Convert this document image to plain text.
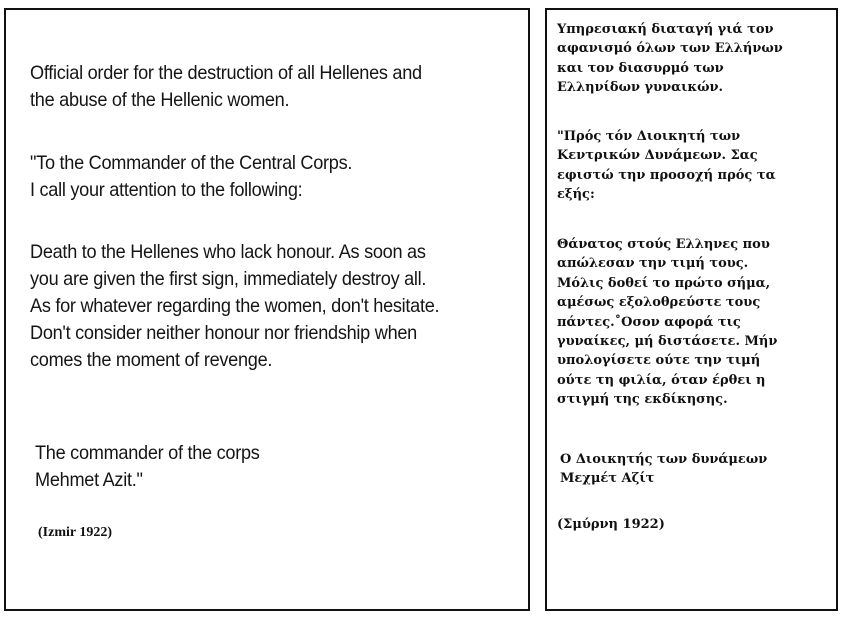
Official order for the destruction of all Hellenes and
the abuse of the Hellenic women.
"To the Commander of the Central Corps.
I call your attention to the following:
Death to the Hellenes who lack honour. As soon as
you are given the first sign, immediately destroy all.
As for whatever regarding the women, don't hesitate.
Don't consider neither honour nor friendship when
comes the moment of revenge.
The commander of the corps
Mehmet Azit."

(Izmir 1922)

Υπηρεσιακή διαταγή γιά τον
αφανισμό όλων των Ελλήνων
και τον διασυρμό των
Ελληνίδων γυναικών.
"Πρός τόν Διοικητή των
Κεντρικών Δυνάμεων. Σας
εφιστώ την προσοχή πρός τα
εξής:
Θάνατος στούς Ελληνες που
απώλεσαν την τιμή τους.
Μόλις δοθεί το πρώτο σήμα,
αμέσως εξολοθρεύστε τους
πάντες.˚Οσον αφορά τις
γυναίκες, μή διστάσετε. Μήν
υπολογίσετε ούτε την τιμή
ούτε τη φιλία, όταν έρθει η
στιγμή της εκδίκησης.
Ο Διοικητής των δυνάμεων
Μεχμέτ Αζίτ

(Σμύρνη 1922)
